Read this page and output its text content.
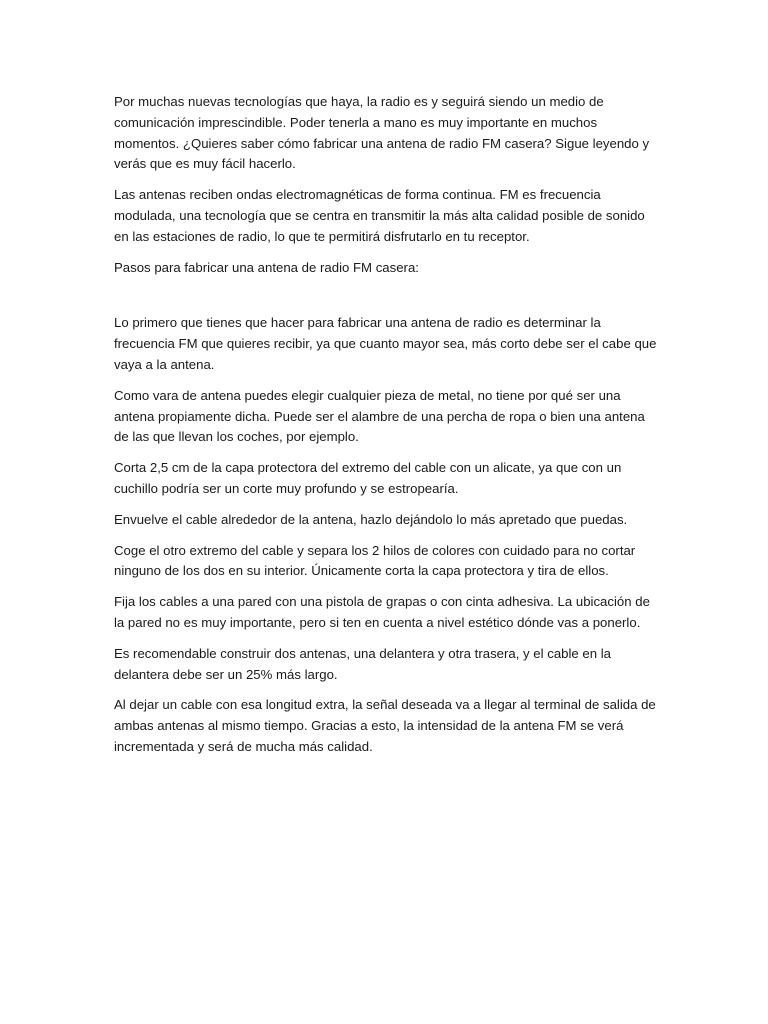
Por muchas nuevas tecnologías que haya, la radio es y seguirá siendo un medio de comunicación imprescindible. Poder tenerla a mano es muy importante en muchos momentos. ¿Quieres saber cómo fabricar una antena de radio FM casera? Sigue leyendo y verás que es muy fácil hacerlo.

Las antenas reciben ondas electromagnéticas de forma continua. FM es frecuencia modulada, una tecnología que se centra en transmitir la más alta calidad posible de sonido en las estaciones de radio, lo que te permitirá disfrutarlo en tu receptor.

Pasos para fabricar una antena de radio FM casera:

Lo primero que tienes que hacer para fabricar una antena de radio es determinar la frecuencia FM que quieres recibir, ya que cuanto mayor sea, más corto debe ser el cabe que vaya a la antena.

Como vara de antena puedes elegir cualquier pieza de metal, no tiene por qué ser una antena propiamente dicha. Puede ser el alambre de una percha de ropa o bien una antena de las que llevan los coches, por ejemplo.

Corta 2,5 cm de la capa protectora del extremo del cable con un alicate, ya que con un cuchillo podría ser un corte muy profundo y se estropearía.

Envuelve el cable alrededor de la antena, hazlo dejándolo lo más apretado que puedas.

Coge el otro extremo del cable y separa los 2 hilos de colores con cuidado para no cortar ninguno de los dos en su interior. Únicamente corta la capa protectora y tira de ellos.

Fija los cables a una pared con una pistola de grapas o con cinta adhesiva. La ubicación de la pared no es muy importante, pero si ten en cuenta a nivel estético dónde vas a ponerlo.

Es recomendable construir dos antenas, una delantera y otra trasera, y el cable en la delantera debe ser un 25% más largo.

Al dejar un cable con esa longitud extra, la señal deseada va a llegar al terminal de salida de ambas antenas al mismo tiempo. Gracias a esto, la intensidad de la antena FM se verá incrementada y será de mucha más calidad.
